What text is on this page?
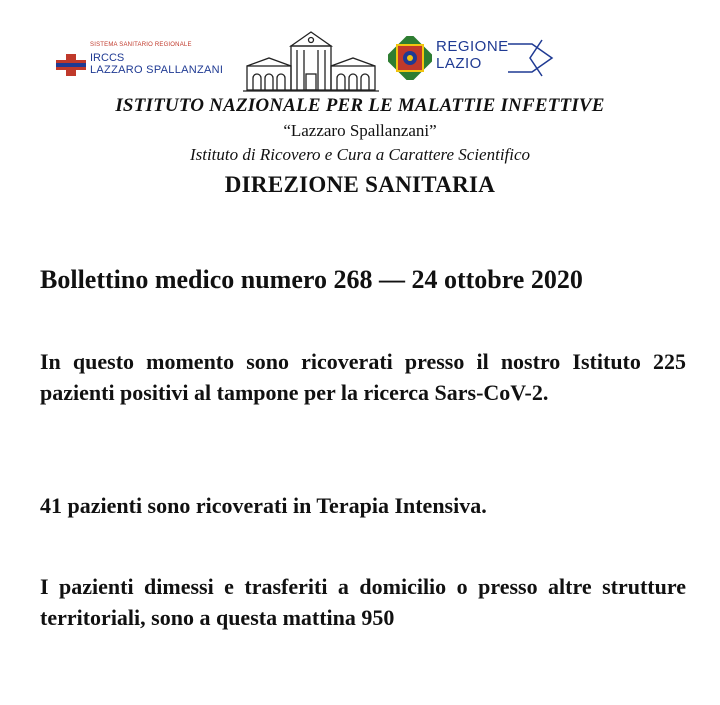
SISTEMA SANITARIO REGIONALE
IRCCS
LAZZARO SPALLANZANI
REGIONE
LAZIO
ISTITUTO NAZIONALE PER LE MALATTIE INFETTIVE
“Lazzaro Spallanzani”
Istituto di Ricovero e Cura a Carattere Scientifico
DIREZIONE SANITARIA
Bollettino medico numero 268 — 24 ottobre 2020
In questo momento sono ricoverati presso il nostro Istituto 225 pazienti positivi al tampone per la ricerca Sars-CoV-2.
41 pazienti sono ricoverati in Terapia Intensiva.
I pazienti dimessi e trasferiti a domicilio o presso altre strutture territoriali, sono a questa mattina 950
